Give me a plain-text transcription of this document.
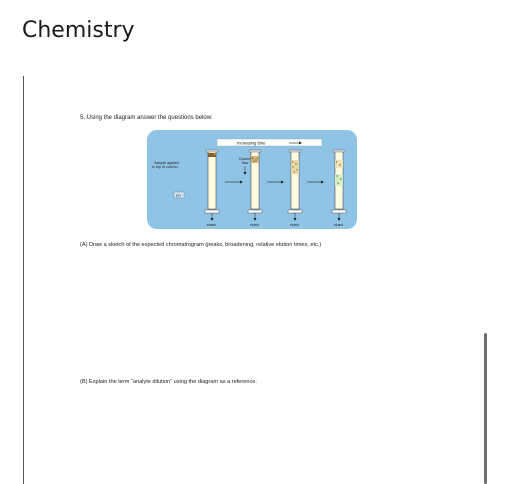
Chemistry
5. Using the diagram answer the questions below:
Increasing time
Sample applied
to top of column
Column
flow
(a)
eluent	eluent	eluent	eluent
(A) Draw a sketch of the expected chromatrogram (peaks, broadening, relative elution times, etc.)
(B) Explain the term “analyte dilution” using the diagram as a reference.
